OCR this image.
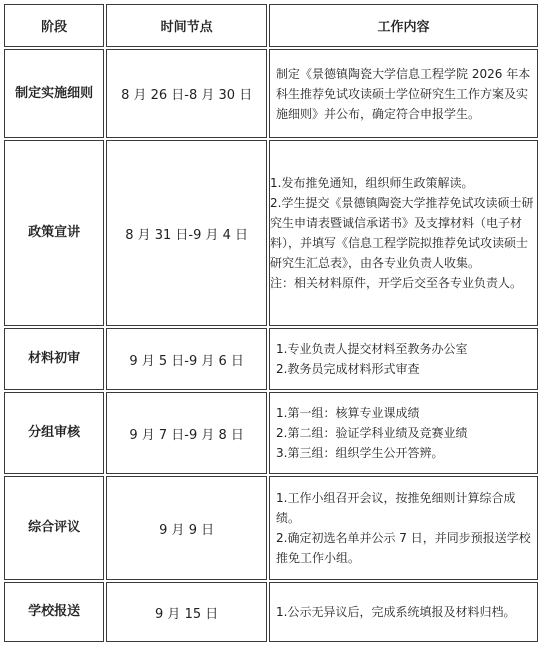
阶段	时间节点	工作内容
制定实施细则	8 月 26 日-8 月 30 日	制定《景德镇陶瓷大学信息工程学院 2026 年本科生推荐免试攻读硕士学位研究生工作方案及实施细则》并公布，确定符合申报学生。

政策宣讲	8 月 31 日-9 月 4 日	1.发布推免通知，组织师生政策解读。
2.学生提交《景德镇陶瓷大学推荐免试攻读硕士研究生申请表暨诚信承诺书》及支撑材料（电子材料），并填写《信息工程学院拟推荐免试攻读硕士研究生汇总表》，由各专业负责人收集。
注：相关材料原件，开学后交至各专业负责人。

材料初审	9 月 5 日-9 月 6 日	1.专业负责人提交材料至教务办公室
2.教务员完成材料形式审查

分组审核	9 月 7 日-9 月 8 日	1.第一组：核算专业课成绩
2.第二组：验证学科业绩及竞赛业绩
3.第三组：组织学生公开答辨。

综合评议	9 月 9 日	1.工作小组召开会议，按推免细则计算综合成绩。
2.确定初选名单并公示 7 日，并同步预报送学校推免工作小组。

学校报送	9 月 15 日	1.公示无异议后，完成系统填报及材料归档。
